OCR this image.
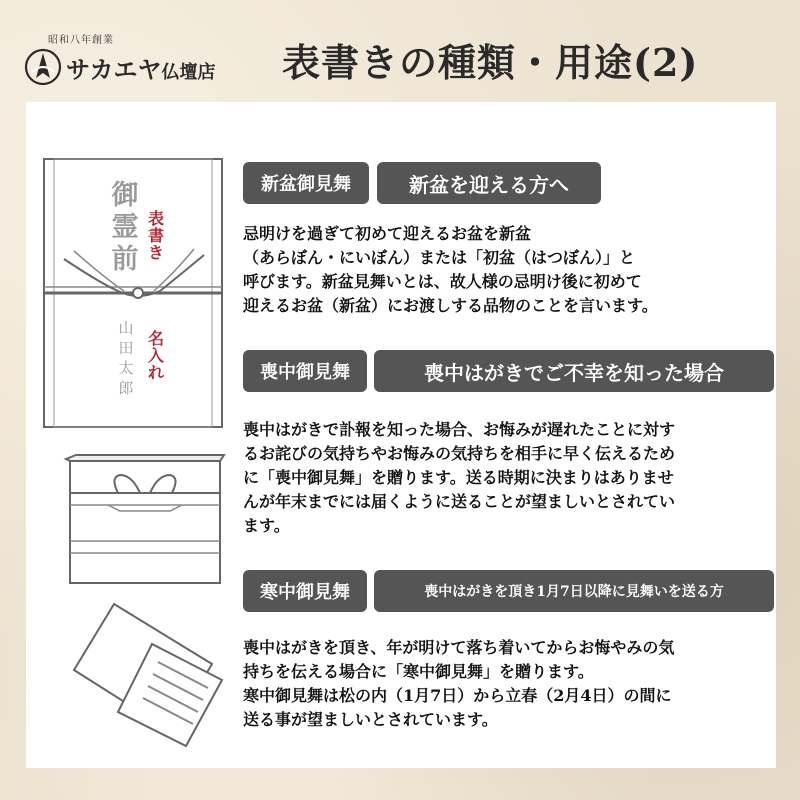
昭和八年創業
サカエヤ仏壇店 表書きの種類・用途(2)
御
霊
前
表書き
山
田
太
郎
名入れ
新盆御見舞	新盆を迎える方へ
忌明けを過ぎて初めて迎えるお盆を新盆
（あらぼん・にいぼん）または「初盆（はつぼん）」と
呼びます。新盆見舞いとは、故人様の忌明け後に初めて
迎えるお盆（新盆）にお渡しする品物のことを言います。
喪中御見舞	喪中はがきでご不幸を知った場合
喪中はがきで訃報を知った場合、お悔みが遅れたことに対す
るお詫びの気持ちやお悔みの気持ちを相手に早く伝えるため
に「喪中御見舞」を贈ります。送る時期に決まりはありませ
んが年末までには届くように送ることが望ましいとされてい
ます。
寒中御見舞	喪中はがきを頂き1月7日以降に見舞いを送る方
喪中はがきを頂き、年が明けて落ち着いてからお悔やみの気
持ちを伝える場合に「寒中御見舞」を贈ります。
寒中御見舞は松の内（1月7日）から立春（2月4日）の間に
送る事が望ましいとされています。
